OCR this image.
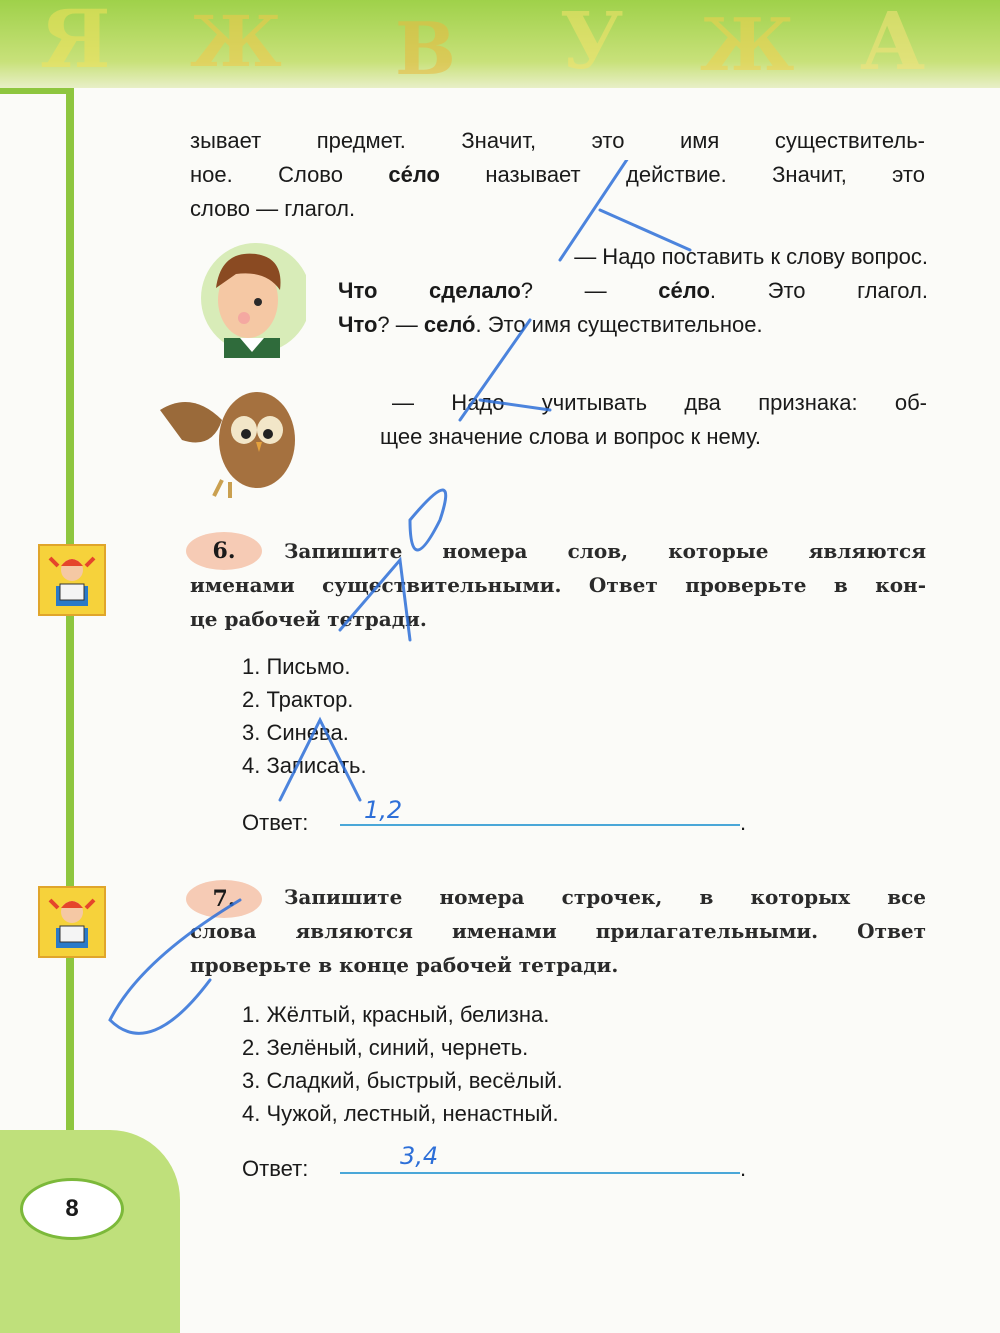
Я Ж В У Ж А
8
зывает предмет. Значит, это имя существитель-
ное. Слово се́ло называет действие. Значит, это
слово — глагол.
— Надо поставить к слову вопрос.
Что сделало? — се́ло. Это глагол.
Что? — село́. Это имя существительное.
— Надо учитывать два признака: об-
щее значение слова и вопрос к нему.
6.	Запишите номера слов, которые являются
именами существительными. Ответ проверьте в кон-
це рабочей тетради.
1. Письмо.
2. Трактор.
3. Синева.
4. Записать.
Ответ: 1,2	.
7.	Запишите номера строчек, в которых все
слова являются именами прилагательными. Ответ
проверьте в конце рабочей тетради.
1. Жёлтый, красный, белизна.
2. Зелёный, синий, чернеть.
3. Сладкий, быстрый, весёлый.
4. Чужой, лестный, ненастный.
Ответ:	3,4	.
